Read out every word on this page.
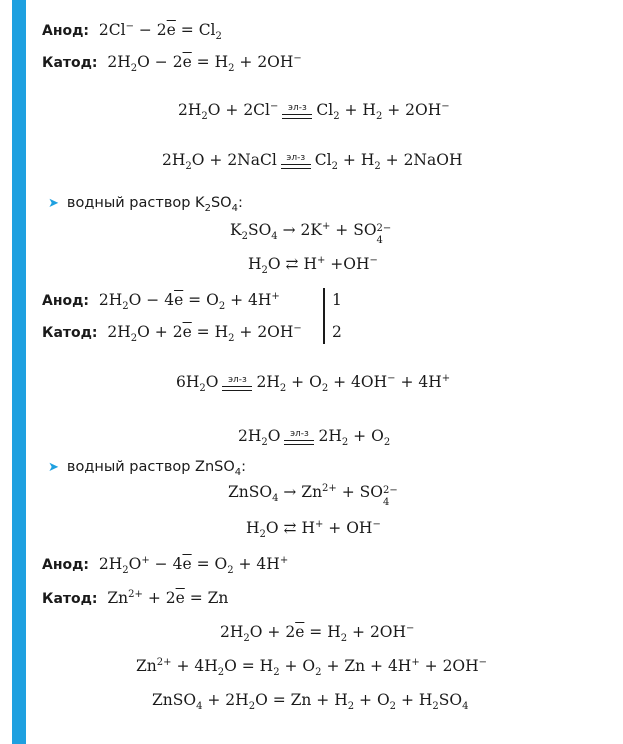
Анод:  $2Cl^- - 2\overline{e} = Cl_2$
Катод:  $2H_2O - 2\overline{e} = H_2 + 2OH^-$
$2H_2O + 2Cl^-$ эл-з $Cl_2 + H_2 + 2OH^-$
$2H_2O$ + 2NaCl эл-з $Cl_2 + H_2$ + 2NaOH
➤ водный раствор $K_2SO_4$:
$K_2SO_4 \to 2K^+$ + SO 2−
4
$H_2O$ ⇄ H+ +OH−
Анод:  $2H_2O - 4\overline{e} = O_2 + 4H^+$
Катод:  $2H_2O + 2\overline{e} = H_2 + 2OH^-$
1
2
$6H_2O$ эл-з $2H_2 + O_2 + 4OH^- + 4H^+$
$2H_2O$ эл-з $2H_2 + O_2$
➤ водный раствор ZnSO$_4$:
ZnSO$_4$ → $Zn^{2+}$ + SO 2−
4
$H_2O$ ⇄ H+ + OH−
Анод:  $2H_2O^+ - 4\overline{e} = O_2 + 4H^+$
Катод:  $Zn^{2+} + 2\overline{e} = Zn$
$2H_2O + 2\overline{e} = H_2 + 2OH^-$
$Zn^{2+} + 4H_2O = H_2 + O_2 + Zn + 4H^+ + 2OH^-$
ZnSO$_4$ + $2H_2O = Zn + H_2 + O_2 + H_2SO_4$
